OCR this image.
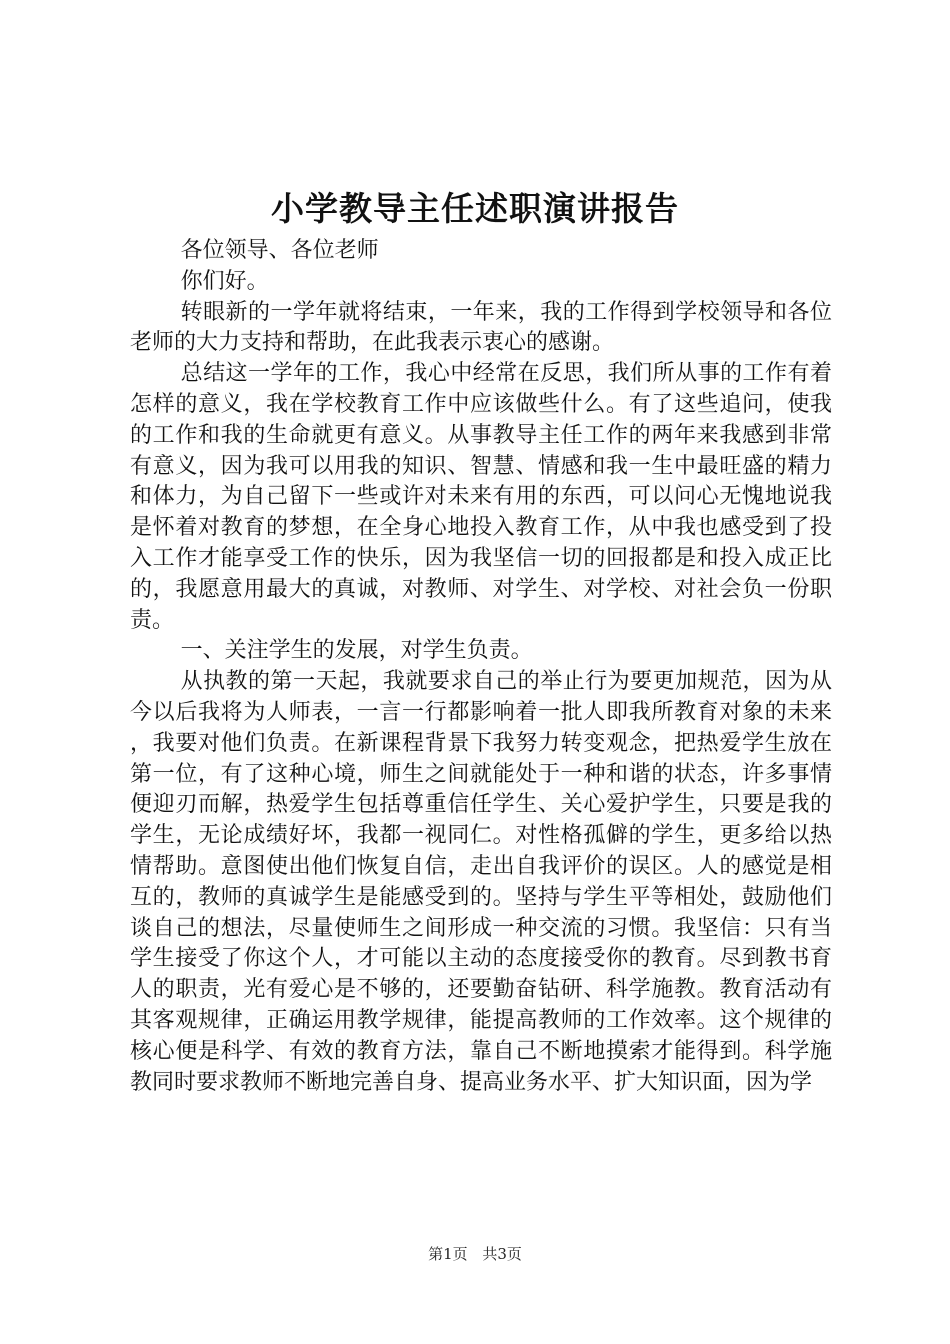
小学教导主任述职演讲报告

各位领导、各位老师

你们好。

转眼新的一学年就将结束，一年来，我的工作得到学校领导和各位老师的大力支持和帮助，在此我表示衷心的感谢。

总结这一学年的工作，我心中经常在反思，我们所从事的工作有着怎样的意义，我在学校教育工作中应该做些什么。有了这些追问，使我的工作和我的生命就更有意义。从事教导主任工作的两年来我感到非常有意义，因为我可以用我的知识、智慧、情感和我一生中最旺盛的精力和体力，为自己留下一些或许对未来有用的东西，可以问心无愧地说我是怀着对教育的梦想，在全身心地投入教育工作，从中我也感受到了投入工作才能享受工作的快乐，因为我坚信一切的回报都是和投入成正比的，我愿意用最大的真诚，对教师、对学生、对学校、对社会负一份职责。

一、关注学生的发展，对学生负责。

从执教的第一天起，我就要求自己的举止行为要更加规范，因为从今以后我将为人师表，一言一行都影响着一批人即我所教育对象的未来，我要对他们负责。在新课程背景下我努力转变观念，把热爱学生放在第一位，有了这种心境，师生之间就能处于一种和谐的状态，许多事情便迎刃而解，热爱学生包括尊重信任学生、关心爱护学生，只要是我的学生，无论成绩好坏，我都一视同仁。对性格孤僻的学生，更多给以热情帮助。意图使出他们恢复自信，走出自我评价的误区。人的感觉是相互的，教师的真诚学生是能感受到的。坚持与学生平等相处，鼓励他们谈自己的想法，尽量使师生之间形成一种交流的习惯。我坚信：只有当学生接受了你这个人，才可能以主动的态度接受你的教育。尽到教书育人的职责，光有爱心是不够的，还要勤奋钻研、科学施教。教育活动有其客观规律，正确运用教学规律，能提高教师的工作效率。这个规律的核心便是科学、有效的教育方法，靠自己不断地摸索才能得到。科学施教同时要求教师不断地完善自身、提高业务水平、扩大知识面，因为学

第1页 共3页
